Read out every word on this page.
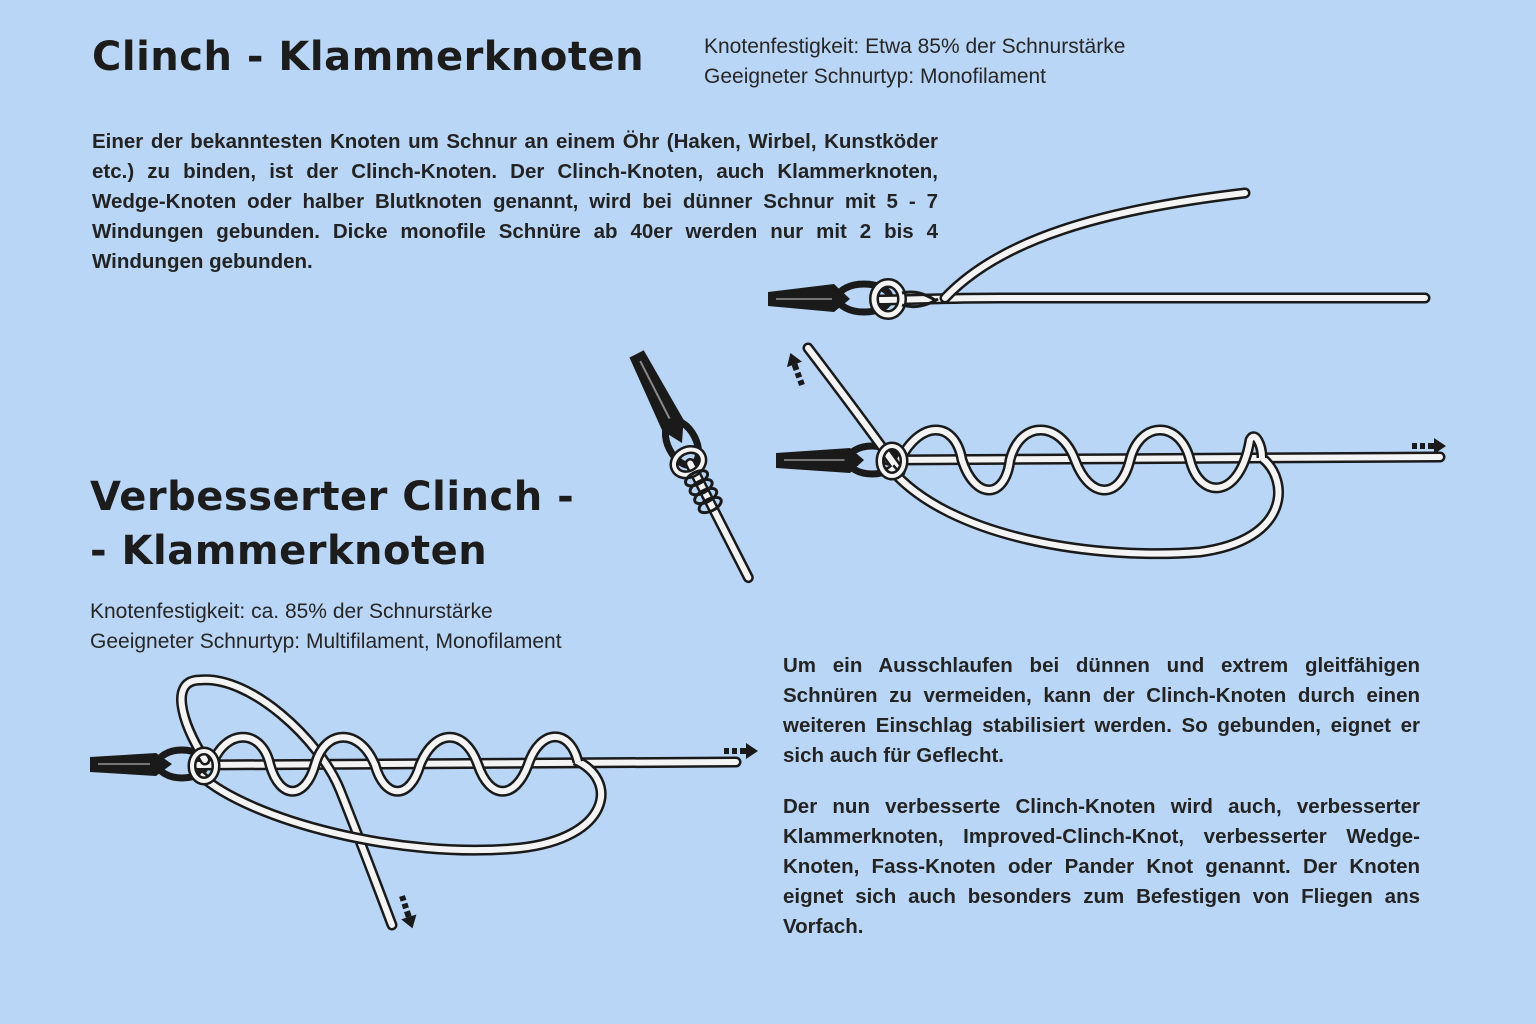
Clinch - Klammerknoten	Knotenfestigkeit: Etwa 85% der Schnurstärke
Geeigneter Schnurtyp: Monofilament

Einer der bekanntesten Knoten um Schnur an einem Öhr (Haken, Wirbel, Kunstköder etc.) zu binden, ist der Clinch-Knoten. Der Clinch-Knoten, auch Klammerknoten, Wedge-Knoten oder halber Blutknoten genannt, wird bei dünner Schnur mit 5 - 7 Windungen gebunden. Dicke monofile Schnüre ab 40er werden nur mit 2 bis 4 Windungen gebunden.

Verbesserter Clinch -
- Klammerknoten
Knotenfestigkeit: ca. 85% der Schnurstärke
Geeigneter Schnurtyp: Multifilament, Monofilament

Um ein Ausschlaufen bei dünnen und extrem gleitfähigen Schnüren zu vermeiden, kann der Clinch-Knoten durch einen weiteren Einschlag stabilisiert werden. So gebunden, eignet er sich auch für Geflecht.

Der nun verbesserte Clinch-Knoten wird auch, verbesserter Klammerknoten, Improved-Clinch-Knot, verbesserter Wedge-Knoten, Fass-Knoten oder Pander Knot genannt. Der Knoten eignet sich auch besonders zum Befestigen von Fliegen ans Vorfach.
